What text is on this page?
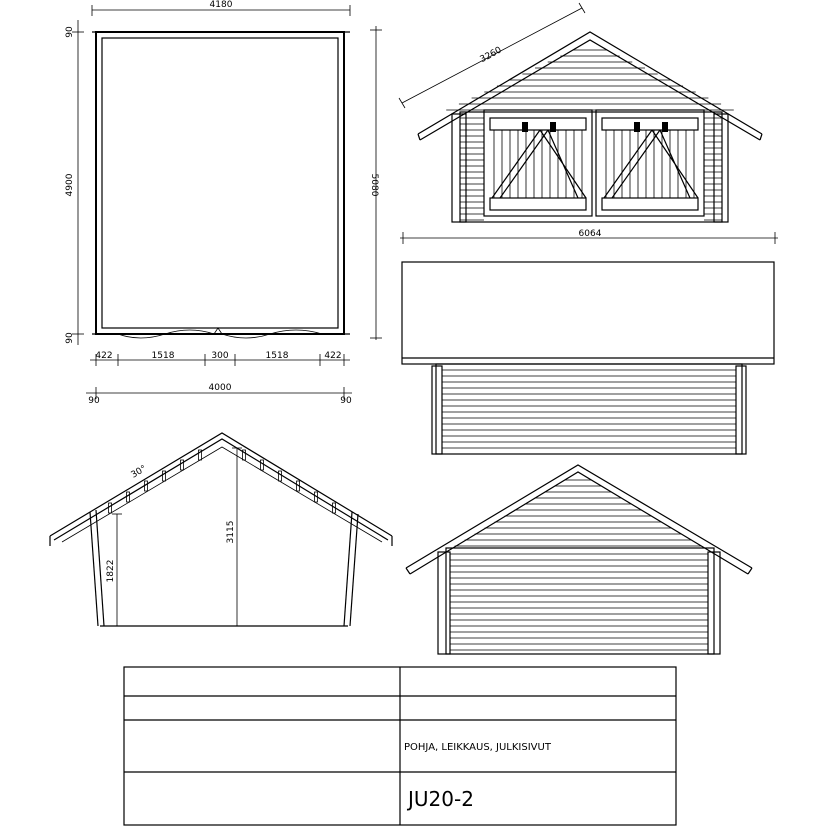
4180
4900
90
90
5080
422	1518	300	1518	422
4000
90	90
3260
6064
30°
1822
3115
POHJA, LEIKKAUS, JULKISIVUT
JU20-2
